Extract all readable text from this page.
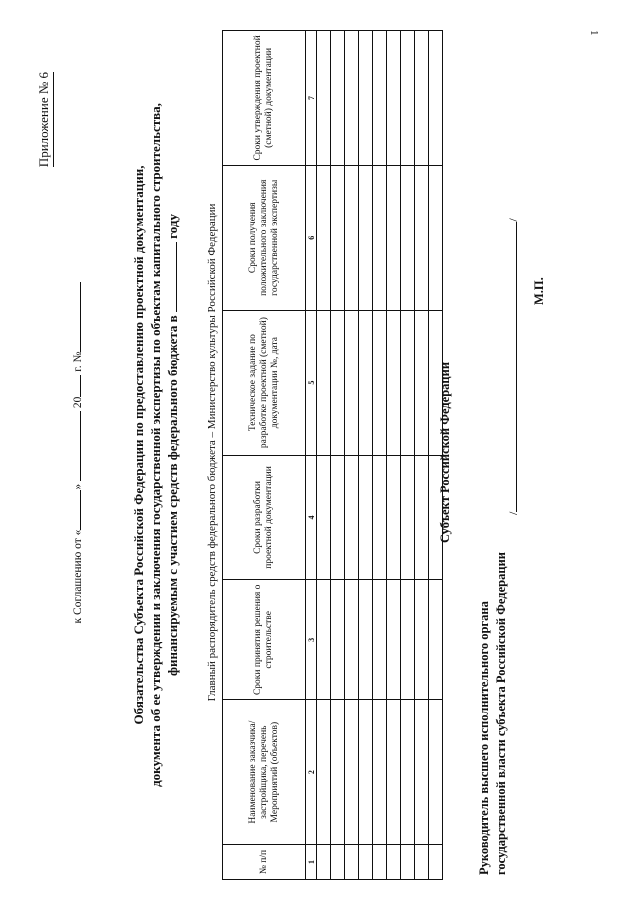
Приложение № 6
к Соглашению от «»  20 г. №	Обязательства Субъекта Российской Федерации по предоставлению проектной документации, документа об ее утверждении и заключения государственной экспертизы по объектам капитального строительства, финансируемым с участием средств федерального бюджета в  году Главный распорядитель средств федерального бюджета – Министерство культуры Российской Федерации
№ п/п	Наименование заказчика/застройщика, перечень Мероприятий (объектов)	Сроки принятия решения о строительстве	Сроки разработки проектной документации	Техническое задание по разработке проектной (сметной) документации №, дата	Сроки получения положительного заключения государственной экспертизы	Сроки утверждения проектной (сметной) документации
1	2	3	4	5	6	7

Субъект Российской Федерации
Руководитель высшего исполнительного органа государственной власти субъекта Российской Федерации
//
М.П.
1
